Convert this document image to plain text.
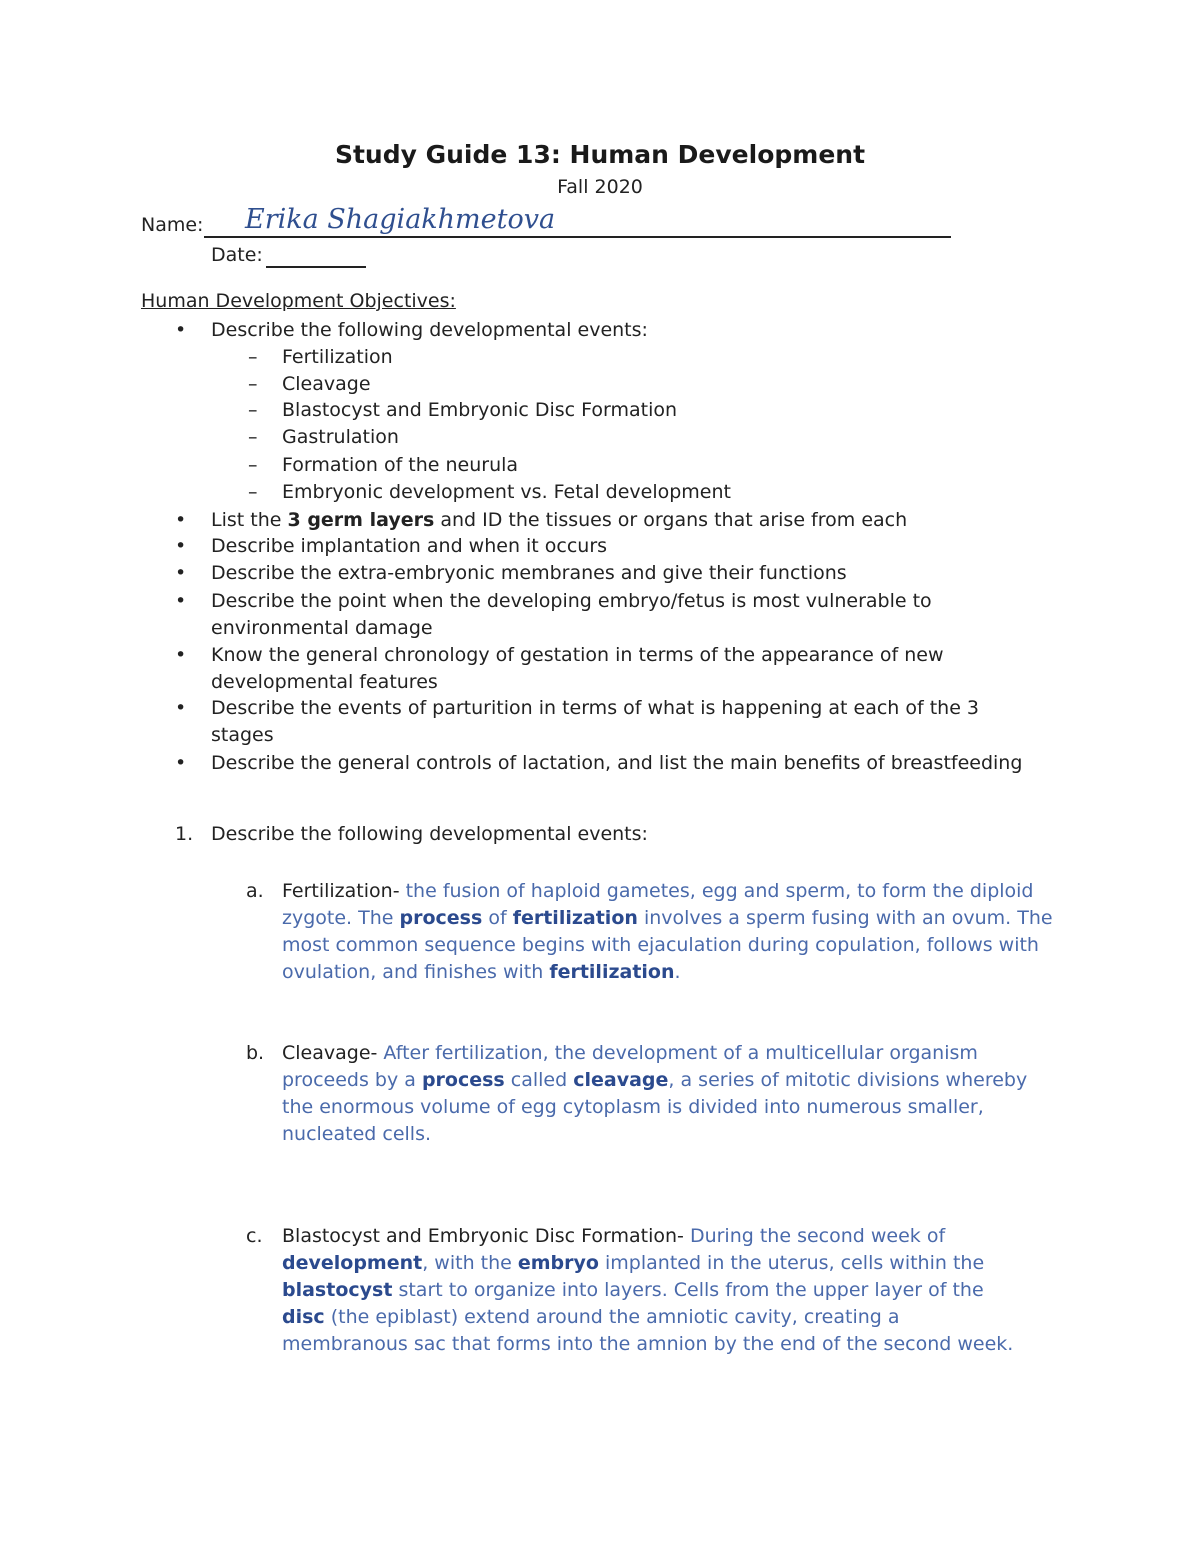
Study Guide 13: Human Development
Fall 2020
Name: Erika Shagiakhmetova
Date:
Human Development Objectives:
• Describe the following developmental events:
– Fertilization
– Cleavage
– Blastocyst and Embryonic Disc Formation
– Gastrulation
– Formation of the neurula
– Embryonic development vs. Fetal development
• List the 3 germ layers and ID the tissues or organs that arise from each
• Describe implantation and when it occurs
• Describe the extra-embryonic membranes and give their functions
• Describe the point when the developing embryo/fetus is most vulnerable to environmental damage
• Know the general chronology of gestation in terms of the appearance of new developmental features
• Describe the events of parturition in terms of what is happening at each of the 3 stages
• Describe the general controls of lactation, and list the main benefits of breastfeeding
1. Describe the following developmental events:
a. Fertilization- the fusion of haploid gametes, egg and sperm, to form the diploid zygote. The process of fertilization involves a sperm fusing with an ovum. The most common sequence begins with ejaculation during copulation, follows with ovulation, and finishes with fertilization.
b. Cleavage- After fertilization, the development of a multicellular organism proceeds by a process called cleavage, a series of mitotic divisions whereby the enormous volume of egg cytoplasm is divided into numerous smaller, nucleated cells.
c. Blastocyst and Embryonic Disc Formation- During the second week of development, with the embryo implanted in the uterus, cells within the blastocyst start to organize into layers. Cells from the upper layer of the disc (the epiblast) extend around the amniotic cavity, creating a membranous sac that forms into the amnion by the end of the second week.
